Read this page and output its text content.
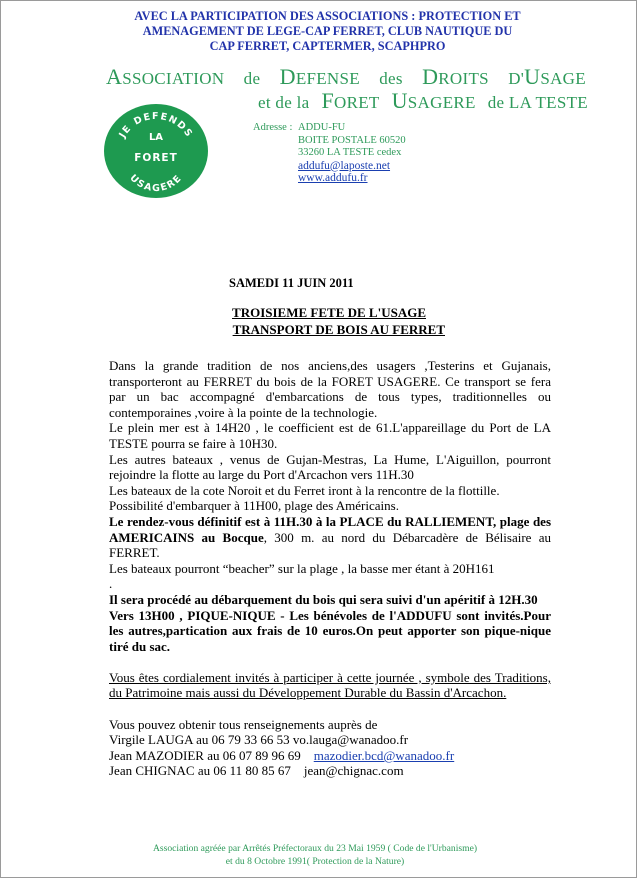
AVEC LA PARTICIPATION DES ASSOCIATIONS : PROTECTION ET
AMENAGEMENT DE LEGE-CAP FERRET, CLUB NAUTIQUE DU
CAP FERRET, CAPTERMER, SCAPHPRO
ASSOCIATION de DEFENSE des DROITS D'USAGE
et de la FORET USAGERE de LA TESTE
JE DEFENDS
LA
FORET
USAGERE
Adresse : ADDU-FU
BOITE POSTALE 60520
33260 LA TESTE cedex
addufu@laposte.net
www.addufu.fr
SAMEDI 11 JUIN 2011
TROISIEME FETE DE L'USAGE
TRANSPORT DE BOIS AU FERRET

Dans la grande tradition de nos anciens,des usagers ,Testerins et Gujanais, transporteront au FERRET du bois de la FORET USAGERE. Ce transport se fera par un bac accompagné d'embarcations de tous types, traditionnelles ou contemporaines ,voire à la pointe de la technologie.

Le plein mer est à 14H20 , le coefficient est de 61.L'appareillage du Port de LA TESTE pourra se faire à 10H30.

Les autres bateaux , venus de Gujan-Mestras, La Hume, L'Aiguillon, pourront rejoindre la flotte au large du Port d'Arcachon vers 11H.30

Les bateaux de la cote Noroit et du Ferret iront à la rencontre de la flottille.

Possibilité d'embarquer à 11H00, plage des Américains.

Le rendez-vous définitif est à 11H.30 à la PLACE du RALLIEMENT, plage des AMERICAINS au Bocque, 300 m. au nord du Débarcadère de Bélisaire au FERRET.

Les bateaux pourront “beacher” sur la plage , la basse mer étant à 20H161

.

Il sera procédé au débarquement du bois qui sera suivi d'un apéritif à 12H.30

Vers 13H00 , PIQUE-NIQUE - Les bénévoles de l'ADDUFU sont invités.Pour les autres,partication aux frais de 10 euros.On peut apporter son pique-nique tiré du sac.

Vous êtes cordialement invités à participer à cette journée , symbole des Traditions, du Patrimoine mais aussi du Développement Durable du Bassin d'Arcachon.

Vous pouvez obtenir tous renseignements auprès de
Virgile LAUGA au 06 79 33 66 53 vo.lauga@wanadoo.fr
Jean MAZODIER au 06 07 89 96 69 mazodier.bcd@wanadoo.fr
Jean CHIGNAC au 06 11 80 85 67 jean@chignac.com
Association agréée par Arrêtés Préfectoraux du 23 Mai 1959 ( Code de l'Urbanisme)
et du 8 Octobre 1991( Protection de la Nature)
